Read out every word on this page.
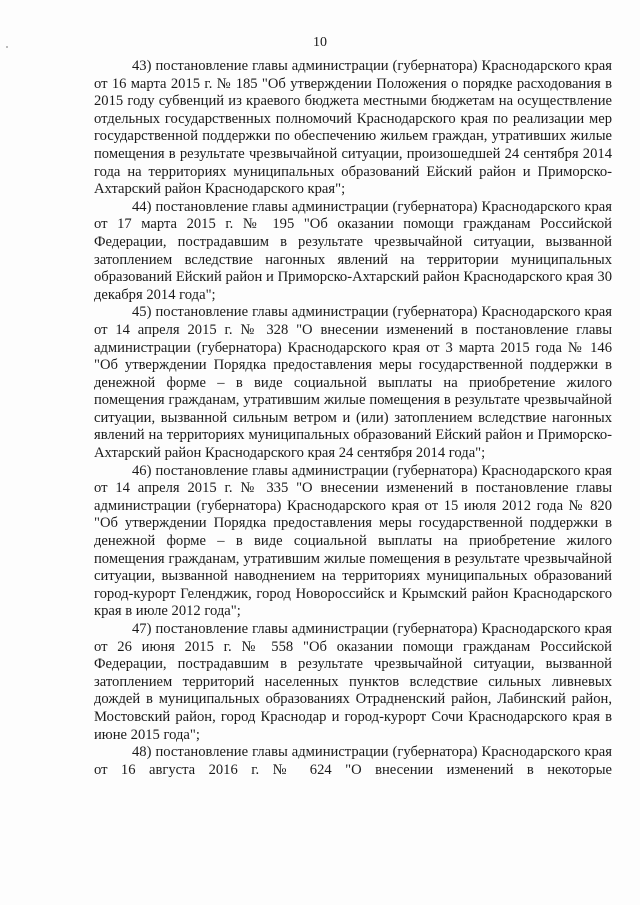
10

43) постановление главы администрации (губернатора) Краснодарского края от 16 марта 2015 г. № 185 "Об утверждении Положения о порядке расходования в 2015 году субвенций из краевого бюджета местными бюджетам на осуществление отдельных государственных полномочий Краснодарского края по реализации мер государственной поддержки по обеспечению жильем граждан, утративших жилые помещения в результате чрезвычайной ситуации, произошедшей 24 сентября 2014 года на территориях муниципальных образований Ейский район и Приморско-Ахтарский район Краснодарского края";

44) постановление главы администрации (губернатора) Краснодарского края от 17 марта 2015 г. № 195 "Об оказании помощи гражданам Российской Федерации, пострадавшим в результате чрезвычайной ситуации, вызванной затоплением вследствие нагонных явлений на территории муниципальных образований Ейский район и Приморско-Ахтарский район Краснодарского края 30 декабря 2014 года";

45) постановление главы администрации (губернатора) Краснодарского края от 14 апреля 2015 г. № 328 "О внесении изменений в постановление главы администрации (губернатора) Краснодарского края от 3 марта 2015 года № 146 "Об утверждении Порядка предоставления меры государственной поддержки в денежной форме – в виде социальной выплаты на приобретение жилого помещения гражданам, утратившим жилые помещения в результате чрезвычайной ситуации, вызванной сильным ветром и (или) затоплением вследствие нагонных явлений на территориях муниципальных образований Ейский район и Приморско-Ахтарский район Краснодарского края 24 сентября 2014 года";

46) постановление главы администрации (губернатора) Краснодарского края от 14 апреля 2015 г. № 335 "О внесении изменений в постановление главы администрации (губернатора) Краснодарского края от 15 июля 2012 года № 820 "Об утверждении Порядка предоставления меры государственной поддержки в денежной форме – в виде социальной выплаты на приобретение жилого помещения гражданам, утратившим жилые помещения в результате чрезвычайной ситуации, вызванной наводнением на территориях муниципальных образований город-курорт Геленджик, город Новороссийск и Крымский район Краснодарского края в июле 2012 года";

47) постановление главы администрации (губернатора) Краснодарского края от 26 июня 2015 г. № 558 "Об оказании помощи гражданам Российской Федерации, пострадавшим в результате чрезвычайной ситуации, вызванной затоплением территорий населенных пунктов вследствие сильных ливневых дождей в муниципальных образованиях Отрадненский район, Лабинский район, Мостовский район, город Краснодар и город-курорт Сочи Краснодарского края в июне 2015 года";

48) постановление главы администрации (губернатора) Краснодарского края от 16 августа 2016 г. № 624 "О внесении изменений в некоторые
